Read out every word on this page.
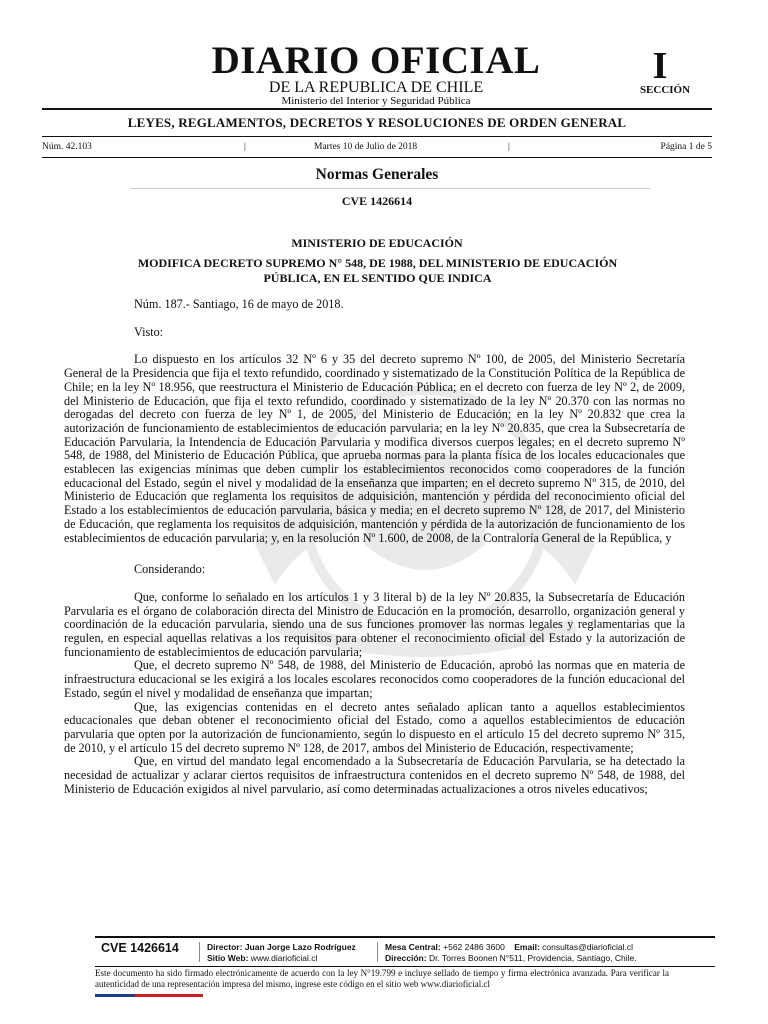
DIARIO OFICIAL
DE LA REPUBLICA DE CHILE
Ministerio del Interior y Seguridad Pública
I
SECCIÓN
LEYES, REGLAMENTOS, DECRETOS Y RESOLUCIONES DE ORDEN GENERAL
Núm. 42.103	|	Martes 10 de Julio de 2018	|	Página 1 de 5
Normas Generales
CVE 1426614
MINISTERIO DE EDUCACIÓN
MODIFICA DECRETO SUPREMO N° 548, DE 1988, DEL MINISTERIO DE EDUCACIÓN PÚBLICA, EN EL SENTIDO QUE INDICA

Núm. 187.- Santiago, 16 de mayo de 2018.

Visto:

Lo dispuesto en los artículos 32 Nº 6 y 35 del decreto supremo Nº 100, de 2005, del Ministerio Secretaría General de la Presidencia que fija el texto refundido, coordinado y sistematizado de la Constitución Política de la República de Chile; en la ley Nº 18.956, que reestructura el Ministerio de Educación Pública; en el decreto con fuerza de ley Nº 2, de 2009, del Ministerio de Educación, que fija el texto refundido, coordinado y sistematizado de la ley Nº 20.370 con las normas no derogadas del decreto con fuerza de ley Nº 1, de 2005, del Ministerio de Educación; en la ley Nº 20.832 que crea la autorización de funcionamiento de establecimientos de educación parvularia; en la ley Nº 20.835, que crea la Subsecretaría de Educación Parvularia, la Intendencia de Educación Parvularia y modifica diversos cuerpos legales; en el decreto supremo Nº 548, de 1988, del Ministerio de Educación Pública, que aprueba normas para la planta física de los locales educacionales que establecen las exigencias mínimas que deben cumplir los establecimientos reconocidos como cooperadores de la función educacional del Estado, según el nivel y modalidad de la enseñanza que imparten; en el decreto supremo Nº 315, de 2010, del Ministerio de Educación que reglamenta los requisitos de adquisición, mantención y pérdida del reconocimiento oficial del Estado a los establecimientos de educación parvularia, básica y media; en el decreto supremo Nº 128, de 2017, del Ministerio de Educación, que reglamenta los requisitos de adquisición, mantención y pérdida de la autorización de funcionamiento de los establecimientos de educación parvularia; y, en la resolución Nº 1.600, de 2008, de la Contraloría General de la República, y

Considerando:

Que, conforme lo señalado en los artículos 1 y 3 literal b) de la ley Nº 20.835, la Subsecretaría de Educación Parvularia es el órgano de colaboración directa del Ministro de Educación en la promoción, desarrollo, organización general y coordinación de la educación parvularia, siendo una de sus funciones promover las normas legales y reglamentarias que la regulen, en especial aquellas relativas a los requisitos para obtener el reconocimiento oficial del Estado y la autorización de funcionamiento de establecimientos de educación parvularia;

Que, el decreto supremo Nº 548, de 1988, del Ministerio de Educación, aprobó las normas que en materia de infraestructura educacional se les exigirá a los locales escolares reconocidos como cooperadores de la función educacional del Estado, según el nivel y modalidad de enseñanza que impartan;

Que, las exigencias contenidas en el decreto antes señalado aplican tanto a aquellos establecimientos educacionales que deban obtener el reconocimiento oficial del Estado, como a aquellos establecimientos de educación parvularia que opten por la autorización de funcionamiento, según lo dispuesto en el artículo 15 del decreto supremo Nº 315, de 2010, y el artículo 15 del decreto supremo Nº 128, de 2017, ambos del Ministerio de Educación, respectivamente;

Que, en virtud del mandato legal encomendado a la Subsecretaría de Educación Parvularia, se ha detectado la necesidad de actualizar y aclarar ciertos requisitos de infraestructura contenidos en el decreto supremo Nº 548, de 1988, del Ministerio de Educación exigidos al nivel parvulario, así como determinadas actualizaciones a otros niveles educativos;

CVE 1426614	Director: Juan Jorge Lazo Rodríguez
Sitio Web: www.diarioficial.cl
Mesa Central: +562 2486 3600 Email: consultas@diarioficial.cl
Dirección: Dr. Torres Boonen N°511, Providencia, Santiago, Chile.
Este documento ha sido firmado electrónicamente de acuerdo con la ley N°19.799 e incluye sellado de tiempo y firma electrónica avanzada. Para verificar la autenticidad de una representación impresa del mismo, ingrese este código en el sitio web www.diarioficial.cl
